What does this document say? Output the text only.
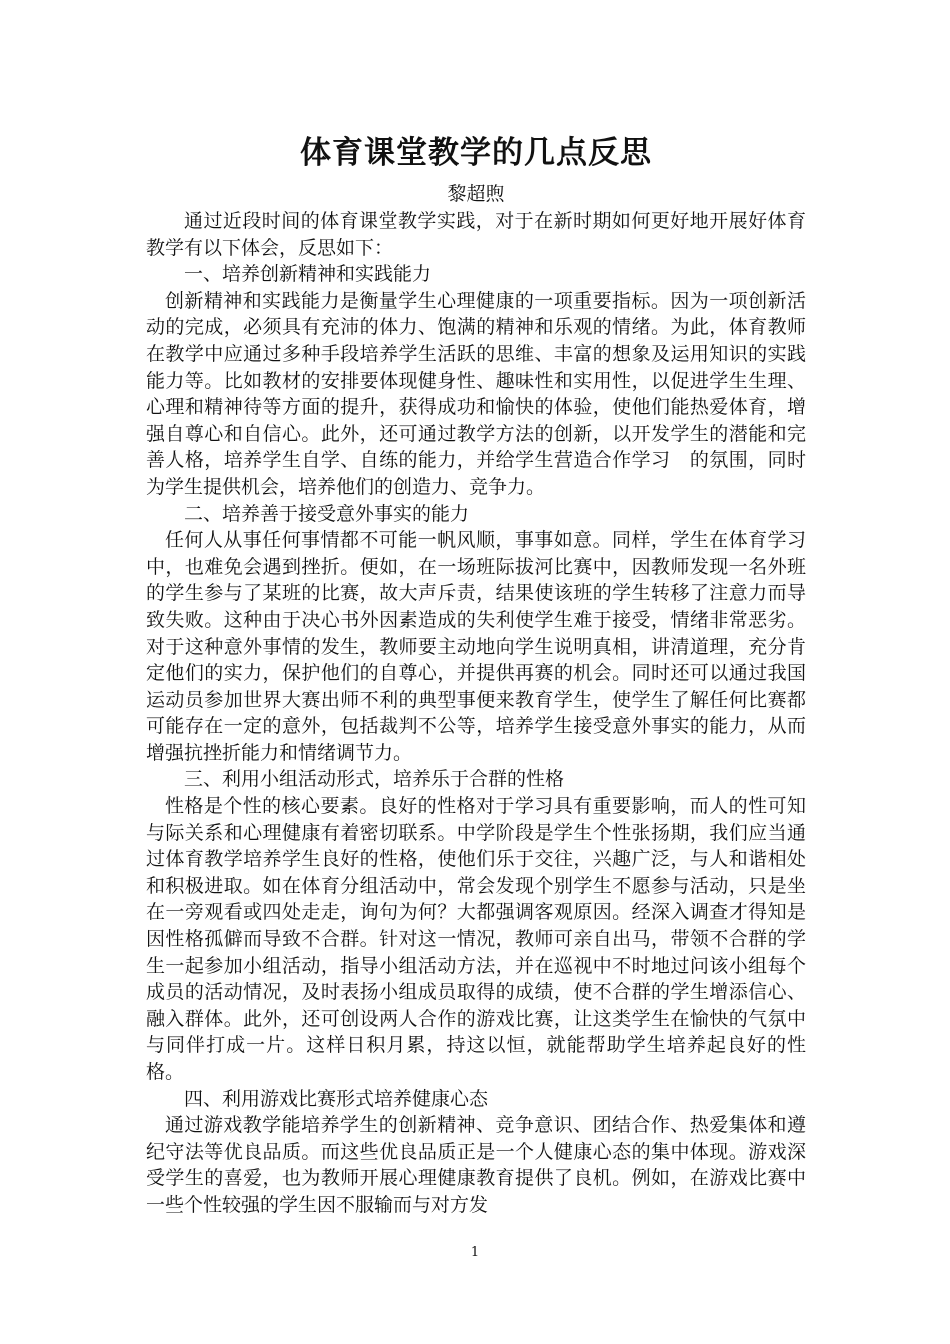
体育课堂教学的几点反思

黎超煦

通过近段时间的体育课堂教学实践，对于在新时期如何更好地开展好体育教学有以下体会，反思如下：

一、培养创新精神和实践能力

创新精神和实践能力是衡量学生心理健康的一项重要指标。因为一项创新活动的完成，必须具有充沛的体力、饱满的精神和乐观的情绪。为此，体育教师在教学中应通过多种手段培养学生活跃的思维、丰富的想象及运用知识的实践能力等。比如教材的安排要体现健身性、趣味性和实用性，以促进学生生理、心理和精神待等方面的提升，获得成功和愉快的体验，使他们能热爱体育，增强自尊心和自信心。此外，还可通过教学方法的创新，以开发学生的潜能和完善人格，培养学生自学、自练的能力，并给学生营造合作学习　的氛围，同时为学生提供机会，培养他们的创造力、竞争力。

二、培养善于接受意外事实的能力

任何人从事任何事情都不可能一帆风顺，事事如意。同样，学生在体育学习中，也难免会遇到挫折。便如，在一场班际拔河比赛中，因教师发现一名外班的学生参与了某班的比赛，故大声斥责，结果使该班的学生转移了注意力而导致失败。这种由于决心书外因素造成的失利使学生难于接受，情绪非常恶劣。对于这种意外事情的发生，教师要主动地向学生说明真相，讲清道理，充分肯定他们的实力，保护他们的自尊心，并提供再赛的机会。同时还可以通过我国运动员参加世界大赛出师不利的典型事便来教育学生，使学生了解任何比赛都可能存在一定的意外，包括裁判不公等，培养学生接受意外事实的能力，从而增强抗挫折能力和情绪调节力。

三、利用小组活动形式，培养乐于合群的性格

性格是个性的核心要素。良好的性格对于学习具有重要影响，而人的性可知与际关系和心理健康有着密切联系。中学阶段是学生个性张扬期，我们应当通过体育教学培养学生良好的性格，使他们乐于交往，兴趣广泛，与人和谐相处和积极进取。如在体育分组活动中，常会发现个别学生不愿参与活动，只是坐在一旁观看或四处走走，询句为何？大都强调客观原因。经深入调查才得知是因性格孤僻而导致不合群。针对这一情况，教师可亲自出马，带领不合群的学生一起参加小组活动，指导小组活动方法，并在巡视中不时地过问该小组每个成员的活动情况，及时表扬小组成员取得的成绩，使不合群的学生增添信心、融入群体。此外，还可创设两人合作的游戏比赛，让这类学生在愉快的气氛中与同伴打成一片。这样日积月累，持这以恒，就能帮助学生培养起良好的性格。

四、利用游戏比赛形式培养健康心态

通过游戏教学能培养学生的创新精神、竞争意识、团结合作、热爱集体和遵纪守法等优良品质。而这些优良品质正是一个人健康心态的集中体现。游戏深受学生的喜爱，也为教师开展心理健康教育提供了良机。例如，在游戏比赛中一些个性较强的学生因不服输而与对方发

1
